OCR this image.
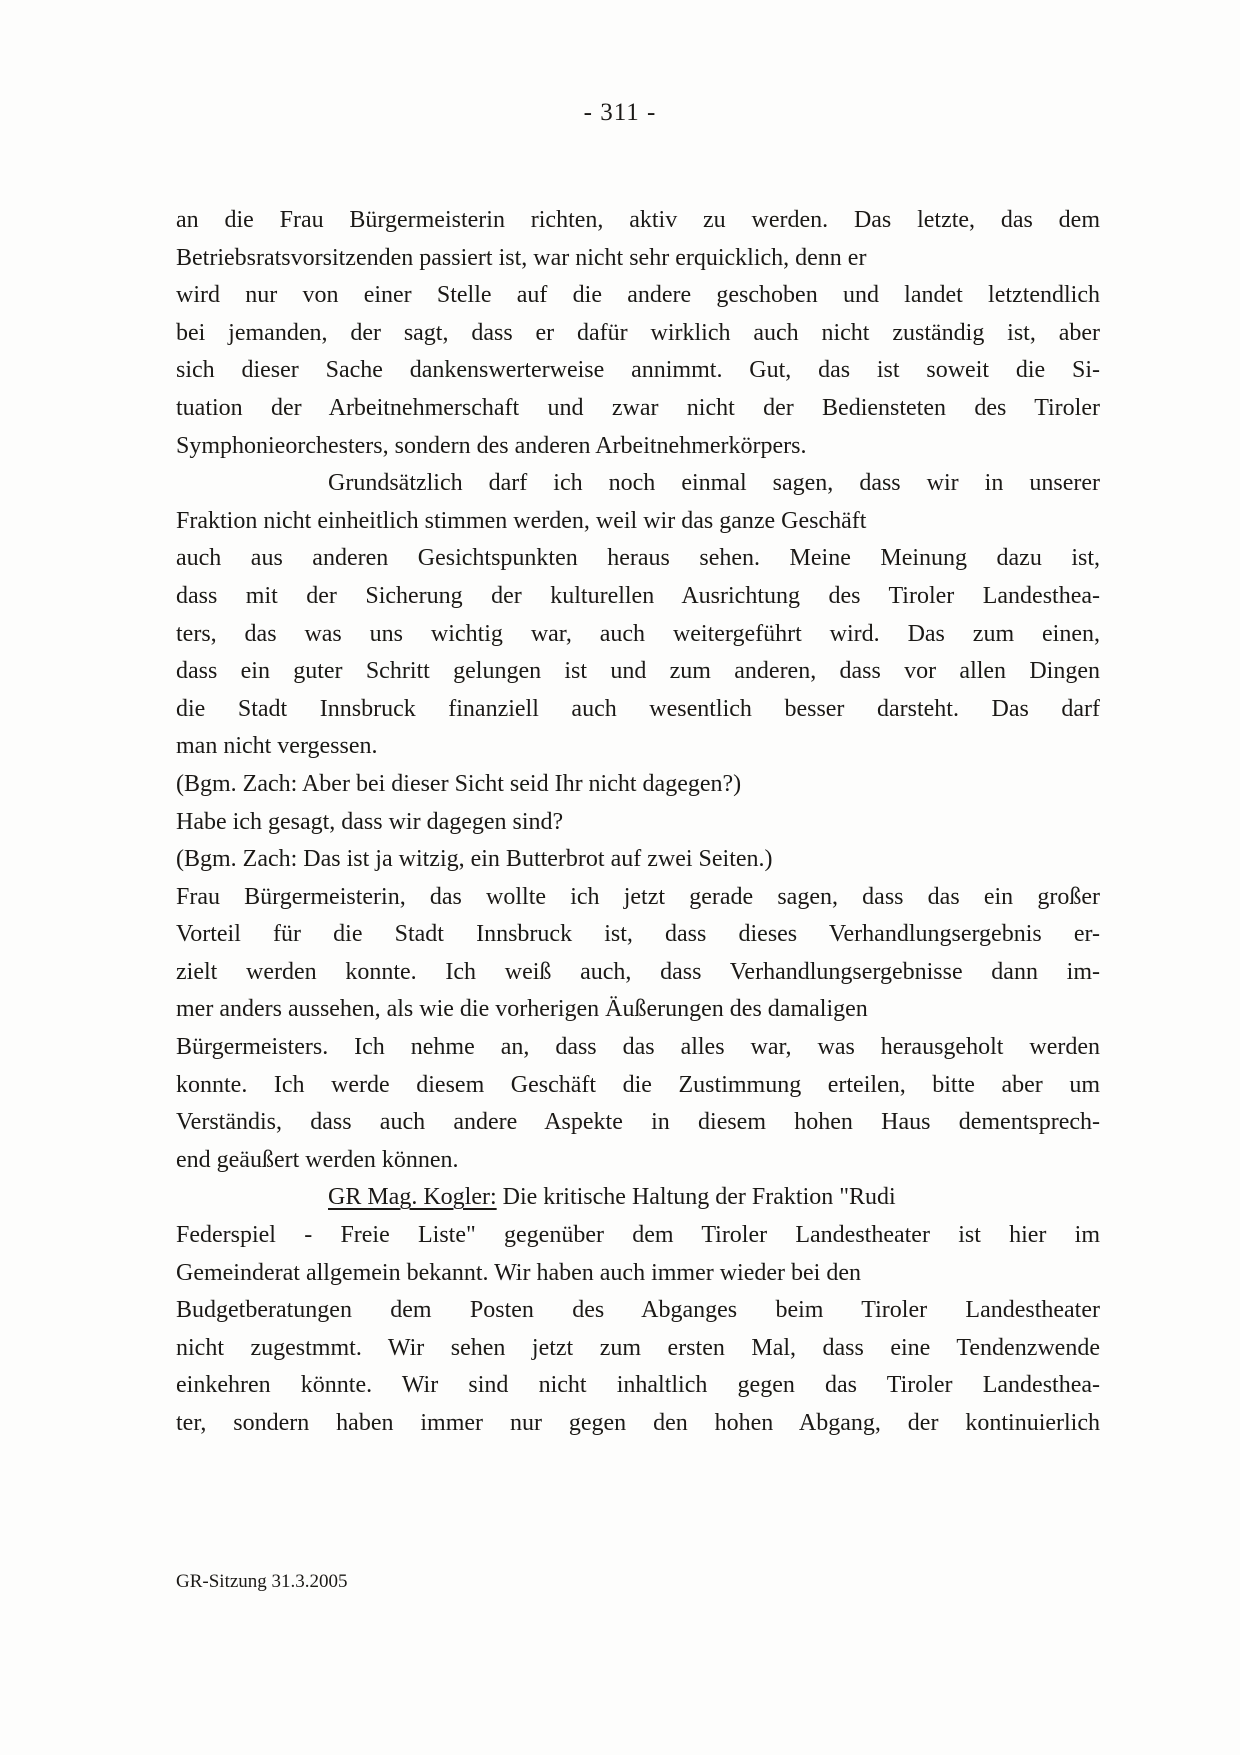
- 311 -
an die Frau Bürgermeisterin richten, aktiv zu werden. Das letzte, das dem
Betriebsratsvorsitzenden passiert ist, war nicht sehr erquicklich, denn er
wird nur von einer Stelle auf die andere geschoben und landet letztendlich
bei jemanden, der sagt, dass er dafür wirklich auch nicht zuständig ist, aber
sich dieser Sache dankenswerterweise annimmt. Gut, das ist soweit die Si-
tuation der Arbeitnehmerschaft und zwar nicht der Bediensteten des Tiroler
Symphonieorchesters, sondern des anderen Arbeitnehmerkörpers.
Grundsätzlich darf ich noch einmal sagen, dass wir in unserer
Fraktion nicht einheitlich stimmen werden, weil wir das ganze Geschäft
auch aus anderen Gesichtspunkten heraus sehen. Meine Meinung dazu ist,
dass mit der Sicherung der kulturellen Ausrichtung des Tiroler Landesthea-
ters, das was uns wichtig war, auch weitergeführt wird. Das zum einen,
dass ein guter Schritt gelungen ist und zum anderen, dass vor allen Dingen
die Stadt Innsbruck finanziell auch wesentlich besser darsteht. Das darf
man nicht vergessen.
(Bgm. Zach: Aber bei dieser Sicht seid Ihr nicht dagegen?)
Habe ich gesagt, dass wir dagegen sind?
(Bgm. Zach: Das ist ja witzig, ein Butterbrot auf zwei Seiten.)
Frau Bürgermeisterin, das wollte ich jetzt gerade sagen, dass das ein großer
Vorteil für die Stadt Innsbruck ist, dass dieses Verhandlungsergebnis er-
zielt werden konnte. Ich weiß auch, dass Verhandlungsergebnisse dann im-
mer anders aussehen, als wie die vorherigen Äußerungen des damaligen
Bürgermeisters. Ich nehme an, dass das alles war, was herausgeholt werden
konnte. Ich werde diesem Geschäft die Zustimmung erteilen, bitte aber um
Verständis, dass auch andere Aspekte in diesem hohen Haus dementsprech-
end geäußert werden können.
GR Mag. Kogler: Die kritische Haltung der Fraktion "Rudi
Federspiel - Freie Liste" gegenüber dem Tiroler Landestheater ist hier im
Gemeinderat allgemein bekannt. Wir haben auch immer wieder bei den
Budgetberatungen dem Posten des Abganges beim Tiroler Landestheater
nicht zugestmmt. Wir sehen jetzt zum ersten Mal, dass eine Tendenzwende
einkehren könnte. Wir sind nicht inhaltlich gegen das Tiroler Landesthea-
ter, sondern haben immer nur gegen den hohen Abgang, der kontinuierlich
GR-Sitzung 31.3.2005
